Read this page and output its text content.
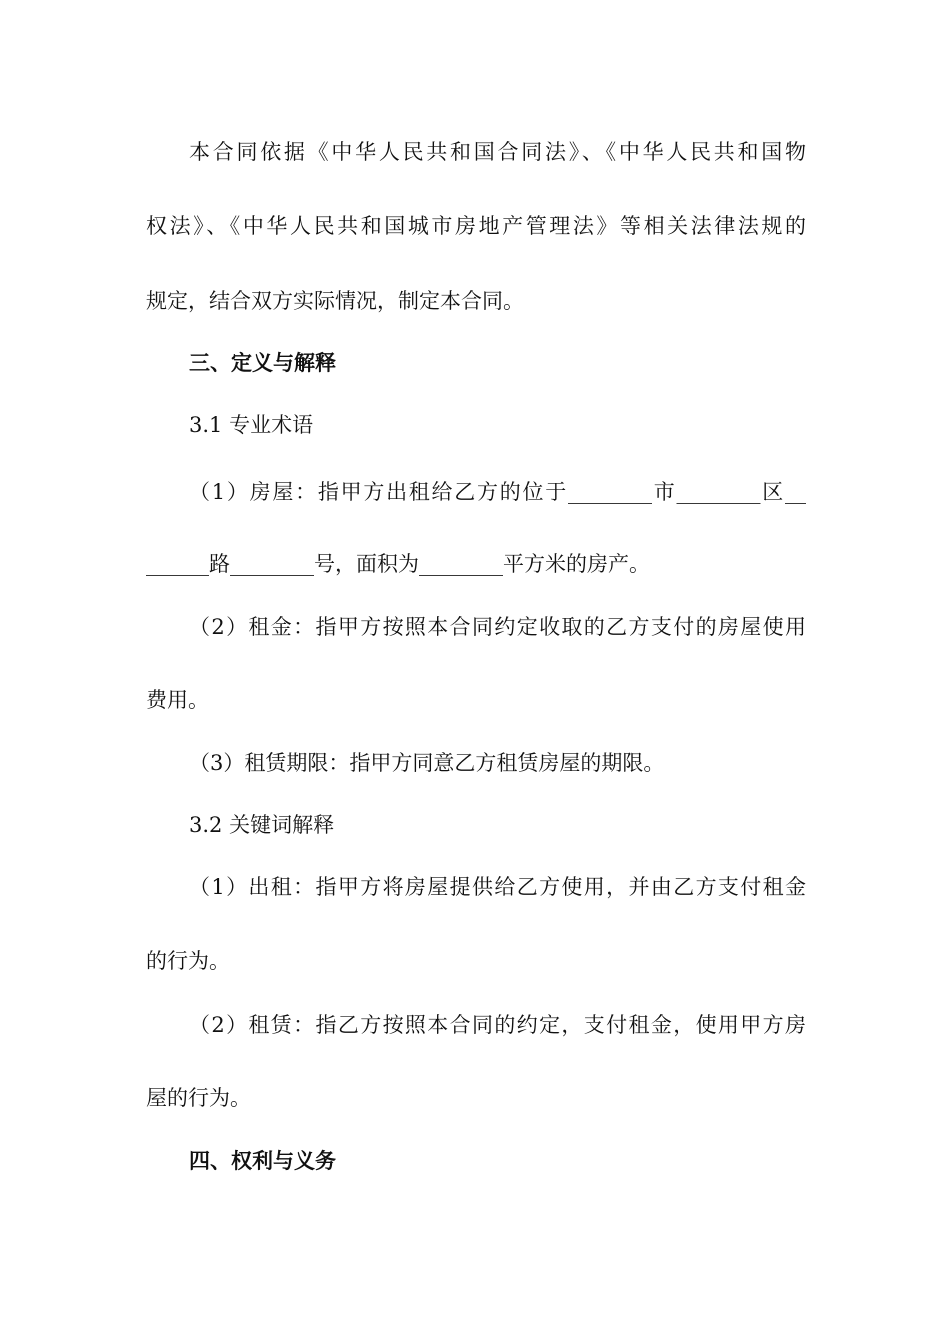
本合同依据《中华人民共和国合同法》、《中华人民共和国物
权法》、《中华人民共和国城市房地产管理法》等相关法律法规的
规定，结合双方实际情况，制定本合同。
三、定义与解释
3.1 专业术语
（1）房屋：指甲方出租给乙方的位于________市________区__
______路________号，面积为________平方米的房产。
（2）租金：指甲方按照本合同约定收取的乙方支付的房屋使用
费用。
（3）租赁期限：指甲方同意乙方租赁房屋的期限。
3.2 关键词解释
（1）出租：指甲方将房屋提供给乙方使用，并由乙方支付租金
的行为。
（2）租赁：指乙方按照本合同的约定，支付租金，使用甲方房
屋的行为。
四、权利与义务
